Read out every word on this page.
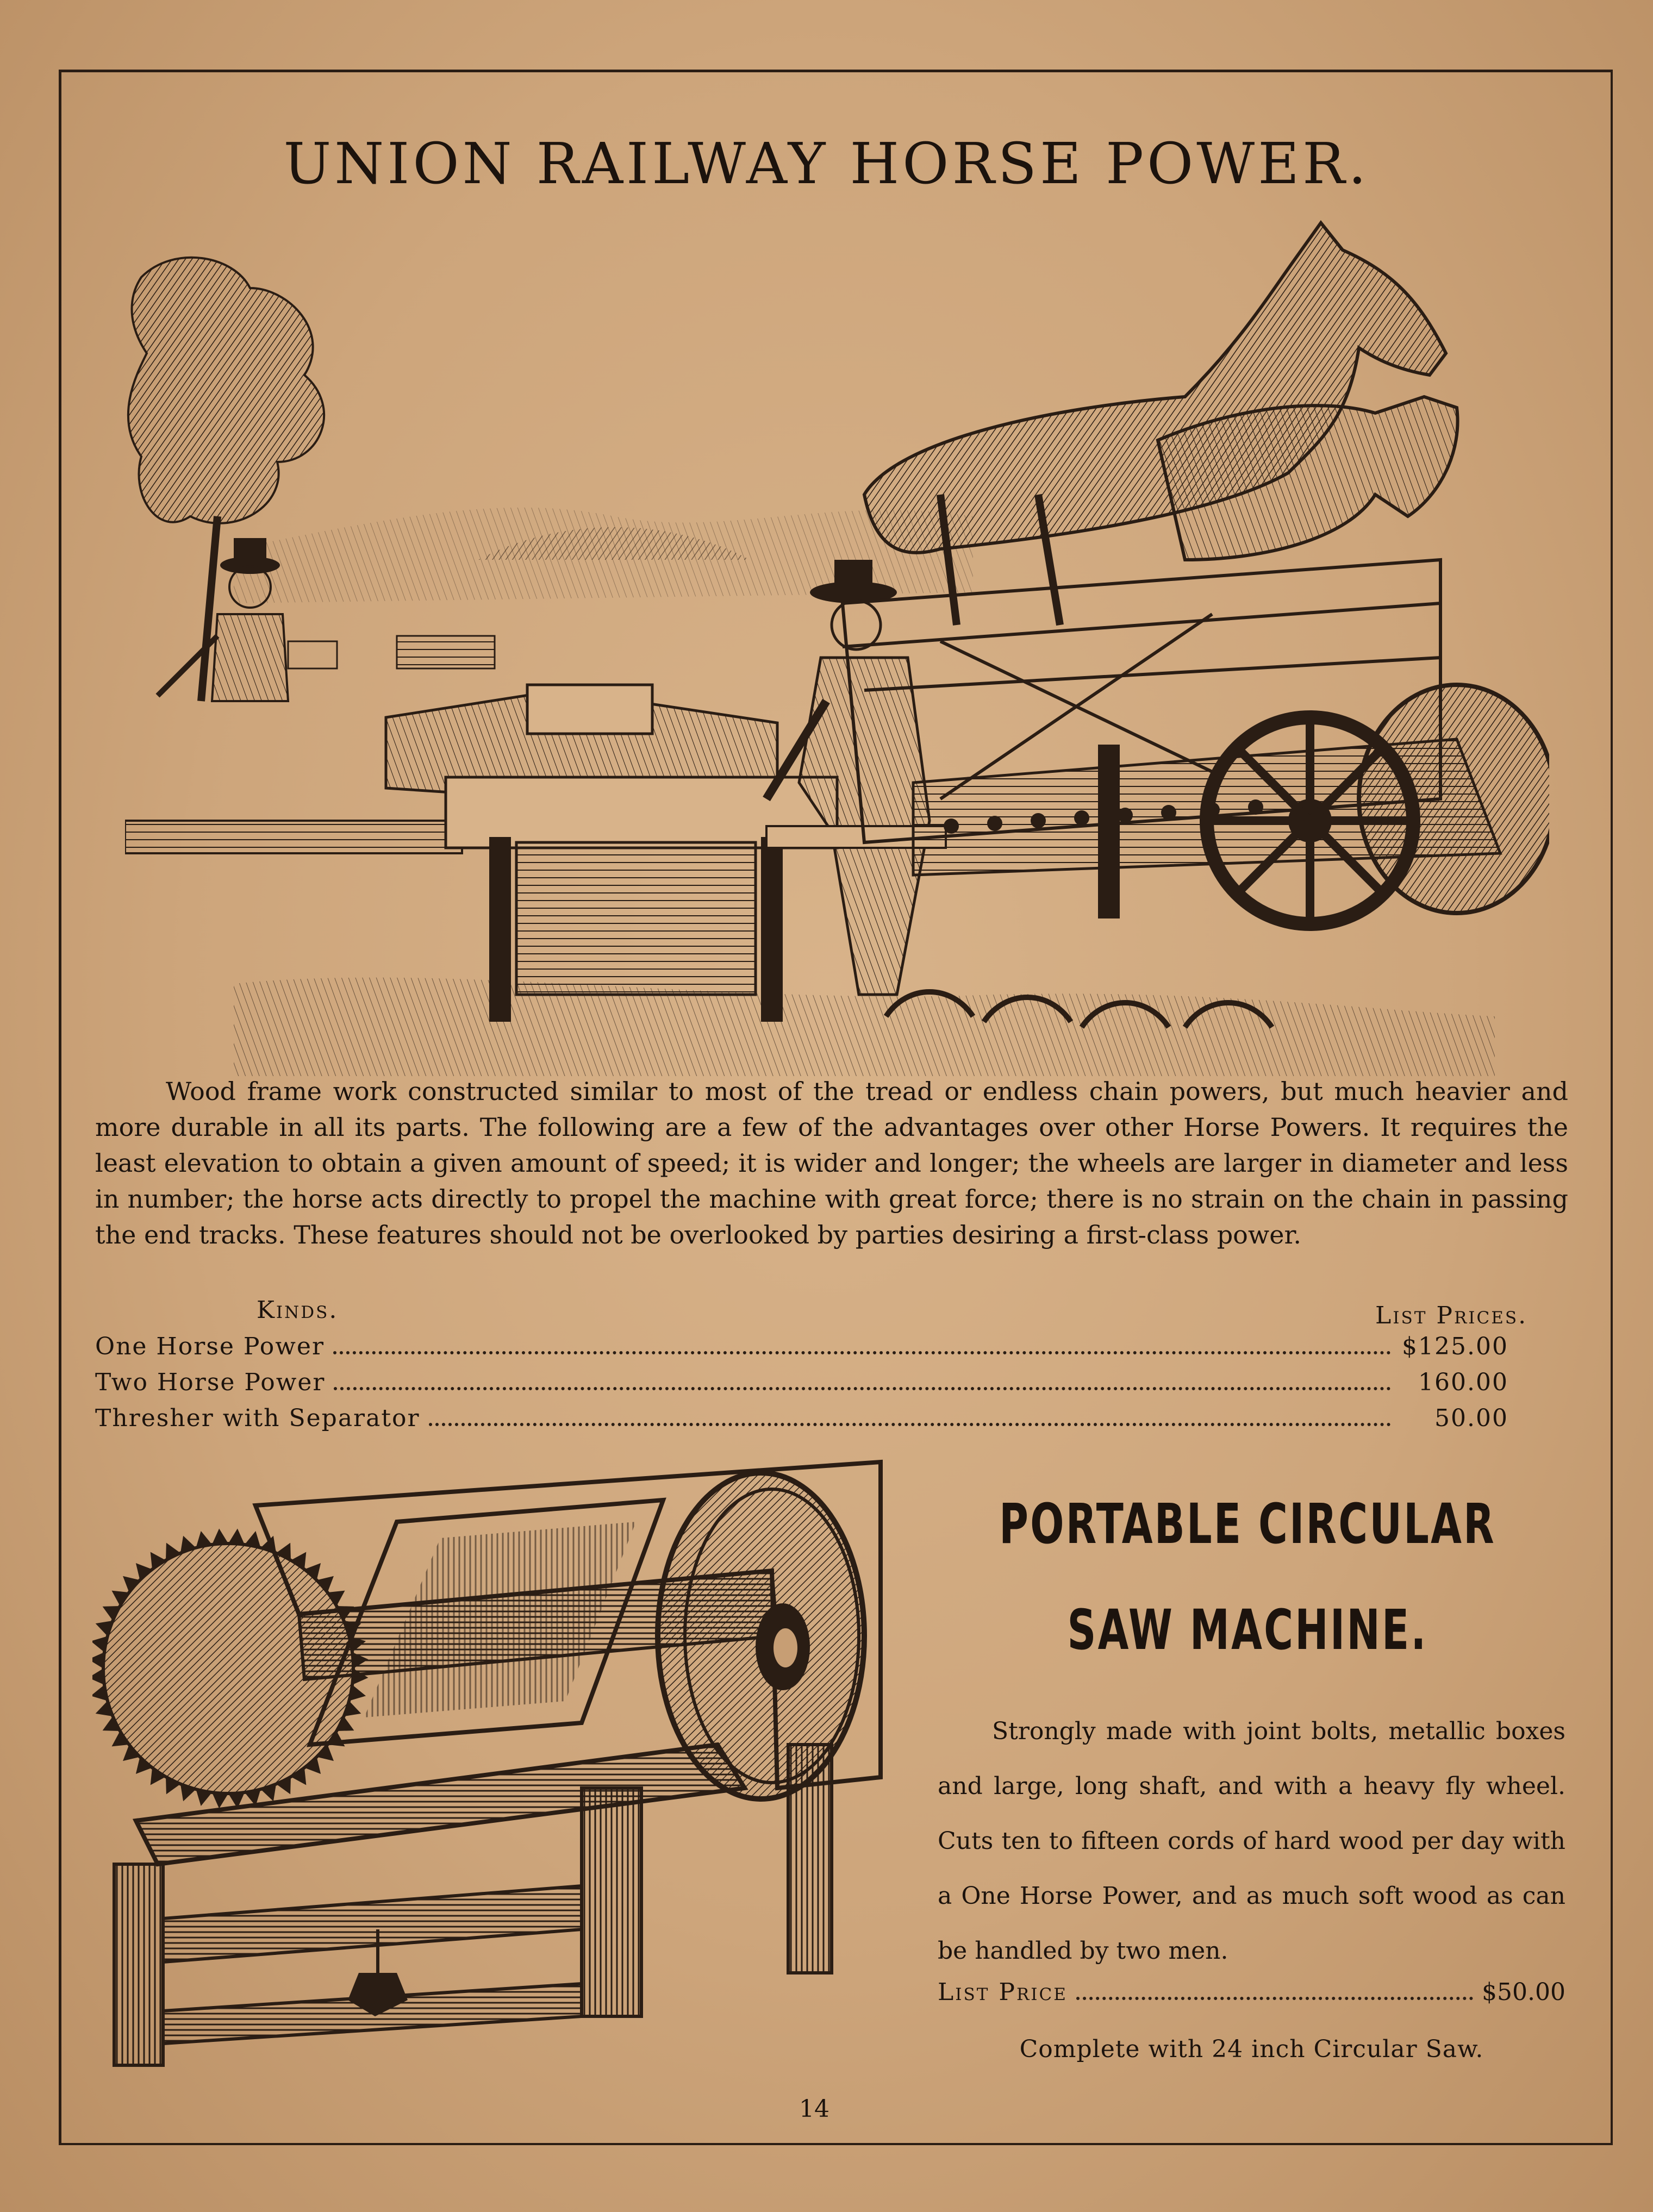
UNION RAILWAY HORSE POWER.

Wood frame work constructed similar to most of the tread or endless chain powers, but much heavier and more durable in all its parts. The following are a few of the advantages over other Horse Powers. It requires the least elevation to obtain a given amount of speed; it is wider and longer; the wheels are larger in diameter and less in number; the horse acts directly to propel the machine with great force; there is no strain on the chain in passing the end tracks. These features should not be overlooked by parties desiring a first-class power.

Kinds.	List Prices.
One Horse Power	$125.00
Two Horse Power	160.00
Thresher with Separator	50.00
PORTABLE CIRCULAR
SAW MACHINE.

Strongly made with joint bolts, metallic boxes and large, long shaft, and with a heavy fly wheel. Cuts ten to fifteen cords of hard wood per day with a One Horse Power, and as much soft wood as can be handled by two men.

List Price	$50.00
Complete with 24 inch Circular Saw.
14
